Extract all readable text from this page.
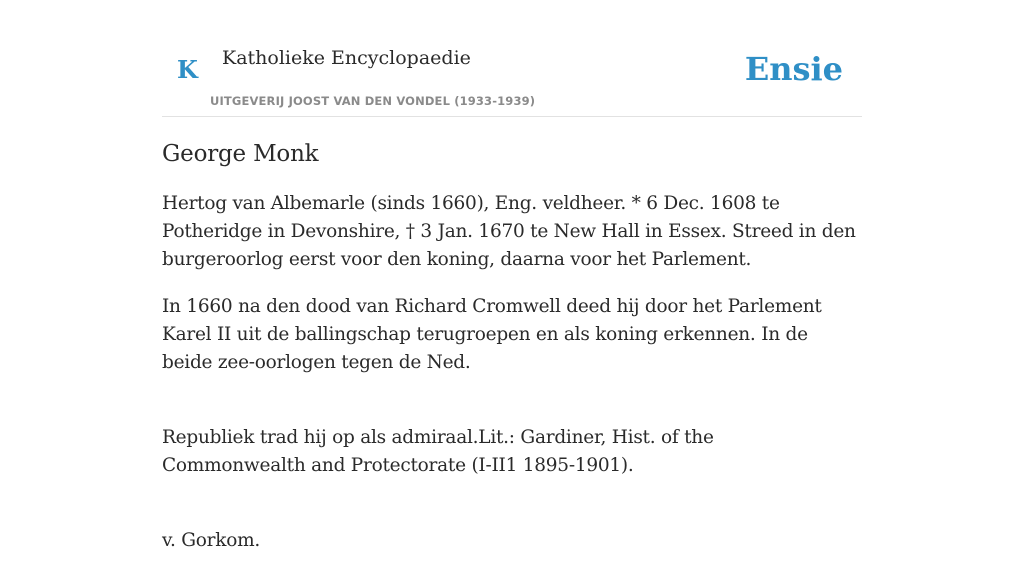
K Katholieke Encyclopaedie
UITGEVERIJ JOOST VAN DEN VONDEL (1933-1939)
Ensie
George Monk

Hertog van Albemarle (sinds 1660), Eng. veldheer. * 6 Dec. 1608 te Potheridge in Devonshire, † 3 Jan. 1670 te New Hall in Essex. Streed in den burgeroorlog eerst voor den koning, daarna voor het Parlement.

In 1660 na den dood van Richard Cromwell deed hij door het Parlement Karel II uit de ballingschap terugroepen en als koning erkennen. In de beide zee-oorlogen tegen de Ned.

Republiek trad hij op als admiraal.Lit.: Gardiner, Hist. of the Commonwealth and Protectorate (I-II1 1895-1901).

v. Gorkom.
